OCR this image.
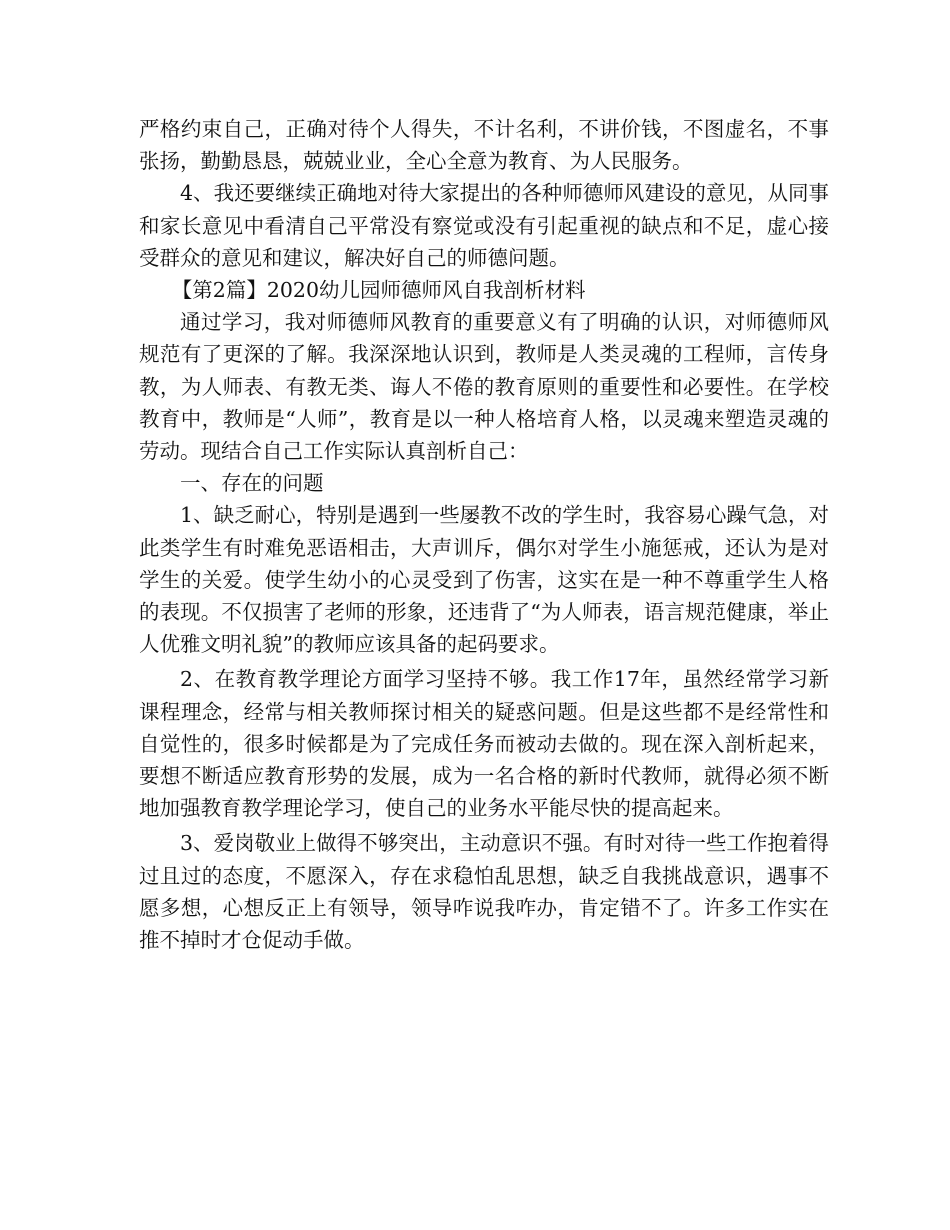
严格约束自己，正确对待个人得失，不计名利，不讲价钱，不图虚名，不事张扬，勤勤恳恳，兢兢业业，全心全意为教育、为人民服务。

4、我还要继续正确地对待大家提出的各种师德师风建设的意见，从同事和家长意见中看清自己平常没有察觉或没有引起重视的缺点和不足，虚心接受群众的意见和建议，解决好自己的师德问题。

【第2篇】2020幼儿园师德师风自我剖析材料

通过学习，我对师德师风教育的重要意义有了明确的认识，对师德师风规范有了更深的了解。我深深地认识到，教师是人类灵魂的工程师，言传身教，为人师表、有教无类、诲人不倦的教育原则的重要性和必要性。在学校教育中，教师是“人师”，教育是以一种人格培育人格，以灵魂来塑造灵魂的劳动。现结合自己工作实际认真剖析自己：

一、存在的问题

1、缺乏耐心，特别是遇到一些屡教不改的学生时，我容易心躁气急，对此类学生有时难免恶语相击，大声训斥，偶尔对学生小施惩戒，还认为是对学生的关爱。使学生幼小的心灵受到了伤害，这实在是一种不尊重学生人格的表现。不仅损害了老师的形象，还违背了“为人师表，语言规范健康，举止人优雅文明礼貌”的教师应该具备的起码要求。

2、在教育教学理论方面学习坚持不够。我工作17年，虽然经常学习新课程理念，经常与相关教师探讨相关的疑惑问题。但是这些都不是经常性和自觉性的，很多时候都是为了完成任务而被动去做的。现在深入剖析起来，要想不断适应教育形势的发展，成为一名合格的新时代教师，就得必须不断地加强教育教学理论学习，使自己的业务水平能尽快的提高起来。

3、爱岗敬业上做得不够突出，主动意识不强。有时对待一些工作抱着得过且过的态度，不愿深入，存在求稳怕乱思想，缺乏自我挑战意识，遇事不愿多想，心想反正上有领导，领导咋说我咋办，肯定错不了。许多工作实在推不掉时才仓促动手做。
